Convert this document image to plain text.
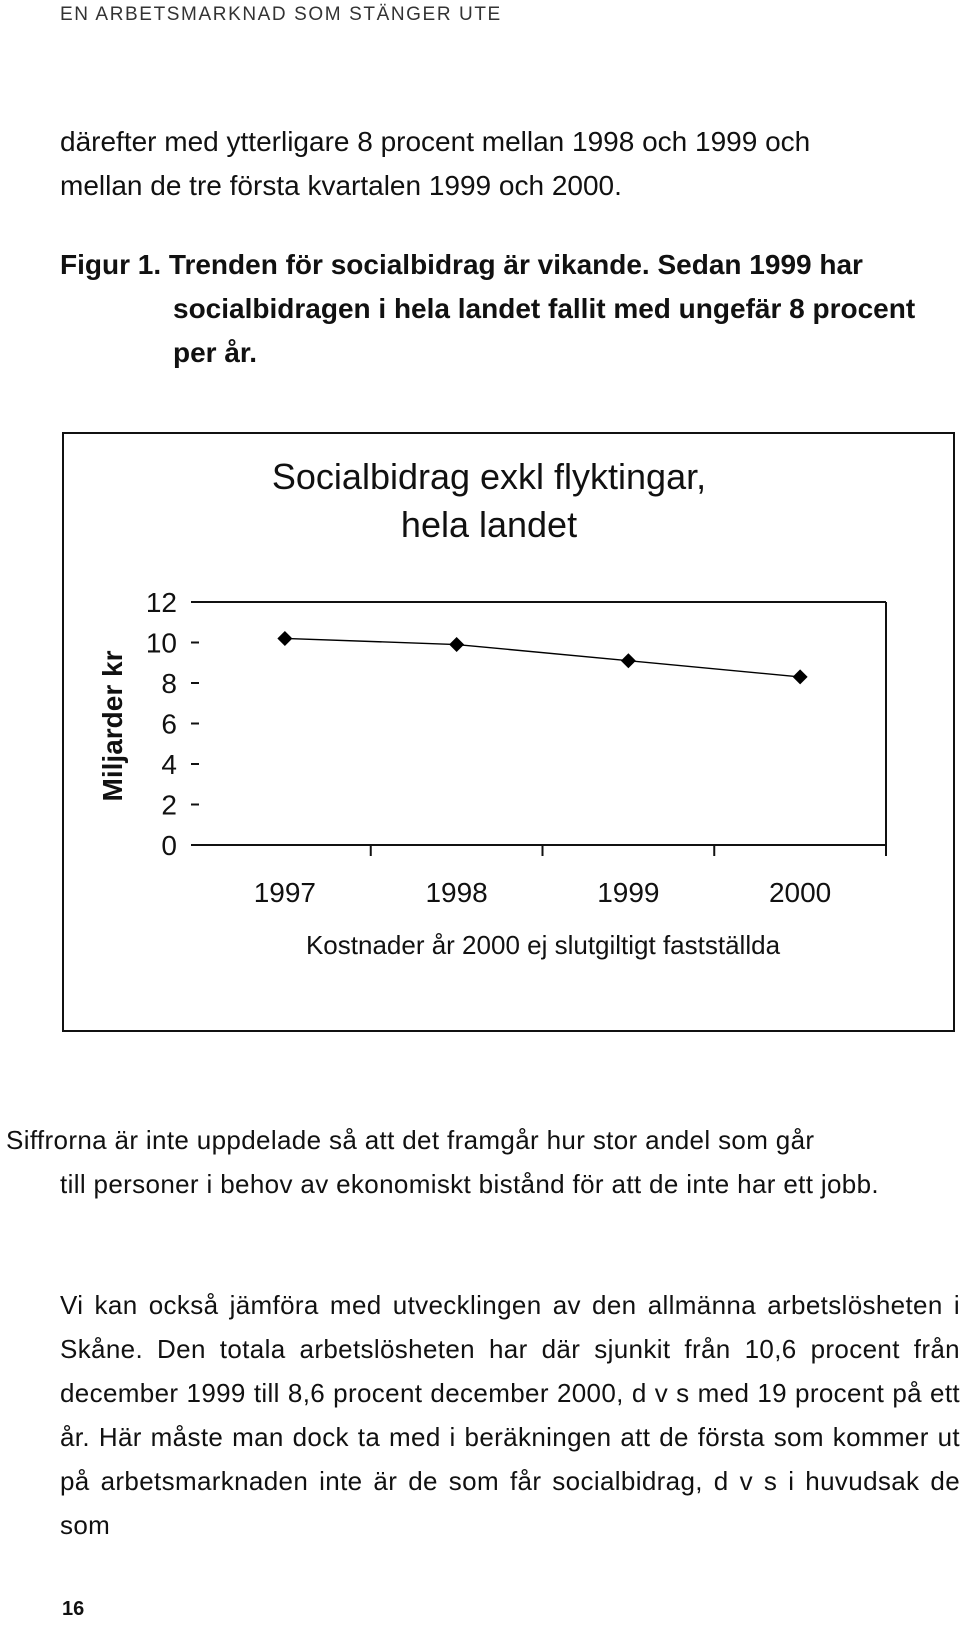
EN ARBETSMARKNAD SOM STÄNGER UTE
därefter med ytterligare 8 procent mellan 1998 och 1999 och
mellan de tre första kvartalen 1999 och 2000.
Figur 1. Trenden för socialbidrag är vikande. Sedan 1999 har socialbidragen i hela landet fallit med ungefär 8 procent per år.
Socialbidrag exkl flyktingar,
hela landet
Miljarder kr
0
2
4
6
8
10
12
1997	1998	1999	2000
Kostnader år 2000 ej slutgiltigt fastställda
Siffrorna är inte uppdelade så att det framgår hur stor andel som går
till personer i behov av ekonomiskt bistånd för att de inte har ett jobb.
Vi kan också jämföra med utvecklingen av den allmänna arbetslösheten i Skåne. Den totala arbetslösheten har där sjunkit från 10,6 procent från december 1999 till 8,6 procent december 2000, d v s med 19 procent på ett år. Här måste man dock ta med i beräkningen att de första som kommer ut på arbetsmarknaden inte är de som får socialbidrag, d v s i huvudsak de som
16
